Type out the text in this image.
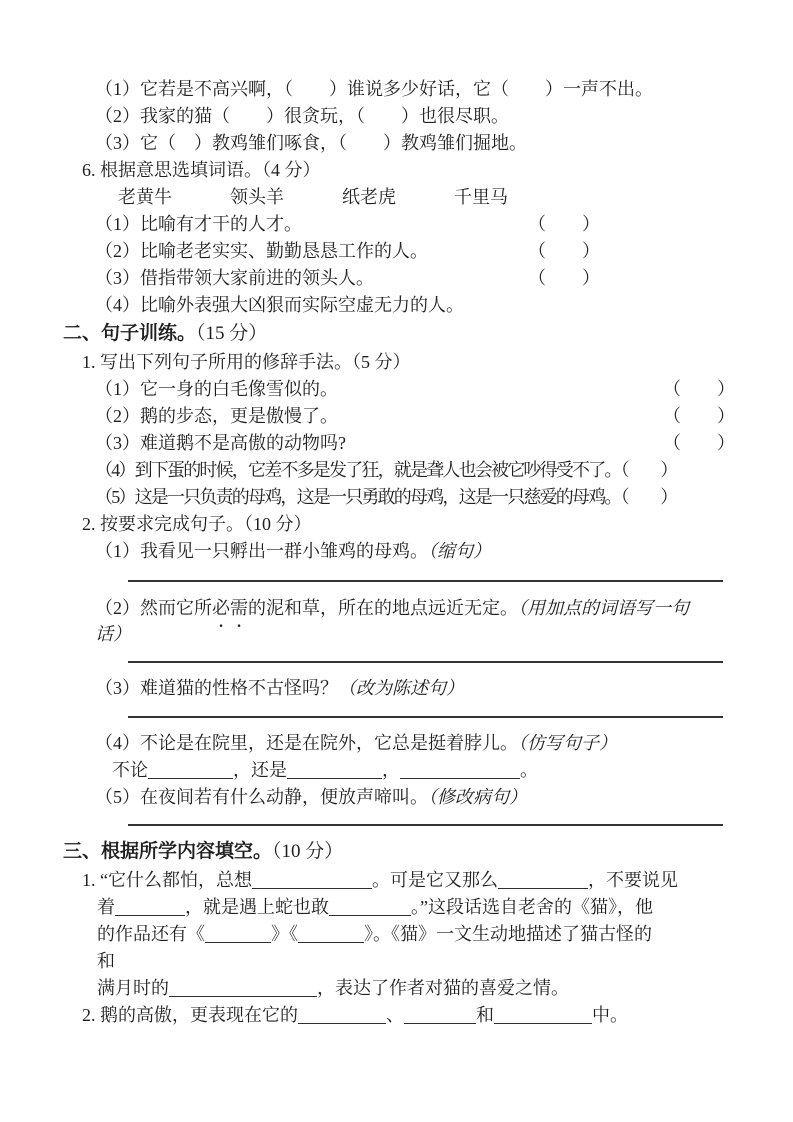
（1）它若是不高兴啊，（　　）谁说多少好话，它（　　）一声不出。
（2）我家的猫（　　）很贪玩，（　　）也很尽职。
（3）它（　）教鸡雏们啄食，（　　）教鸡雏们掘地。
6. 根据意思选填词语。（4 分）
老黄牛	领头羊	纸老虎	千里马
（1）比喻有才干的人才。	（　　）
（2）比喻老老实实、勤勤恳恳工作的人。	（　　）
（3）借指带领大家前进的领头人。	（　　）
（4）比喻外表强大凶狠而实际空虚无力的人。
二、句子训练。（15 分）
1. 写出下列句子所用的修辞手法。（5 分）
（1）它一身的白毛像雪似的。	（　　）
（2）鹅的步态，更是傲慢了。	（　　）
（3）难道鹅不是高傲的动物吗?	（　　）
（4）到下蛋的时候，它差不多是发了狂，就是聋人也会被它吵得受不了。（　　）
（5）这是一只负责的母鸡，这是一只勇敢的母鸡，这是一只慈爱的母鸡。（　　）
2. 按要求完成句子。（10 分）
（1）我看见一只孵出一群小雏鸡的母鸡。（缩句）
（2）然而它所必需的泥和草，所在的地点远近无定。（用加点的词语写一句
话）
（3）难道猫的性格不古怪吗？（改为陈述句）
（4）不论是在院里，还是在院外，它总是挺着脖儿。（仿写句子）
不论	，还是	，	。
（5）在夜间若有什么动静，便放声啼叫。（修改病句）
三、根据所学内容填空。（10 分）
1. “它什么都怕，总想	。可是它又那么	，不要说见
着	，就是遇上蛇也敢	。”这段话选自老舍的《猫》，他
的作品还有《	》《	》。《猫》一文生动地描述了猫古怪的
和
满月时的	，表达了作者对猫的喜爱之情。
2. 鹅的高傲，更表现在它的	、	和	中。
